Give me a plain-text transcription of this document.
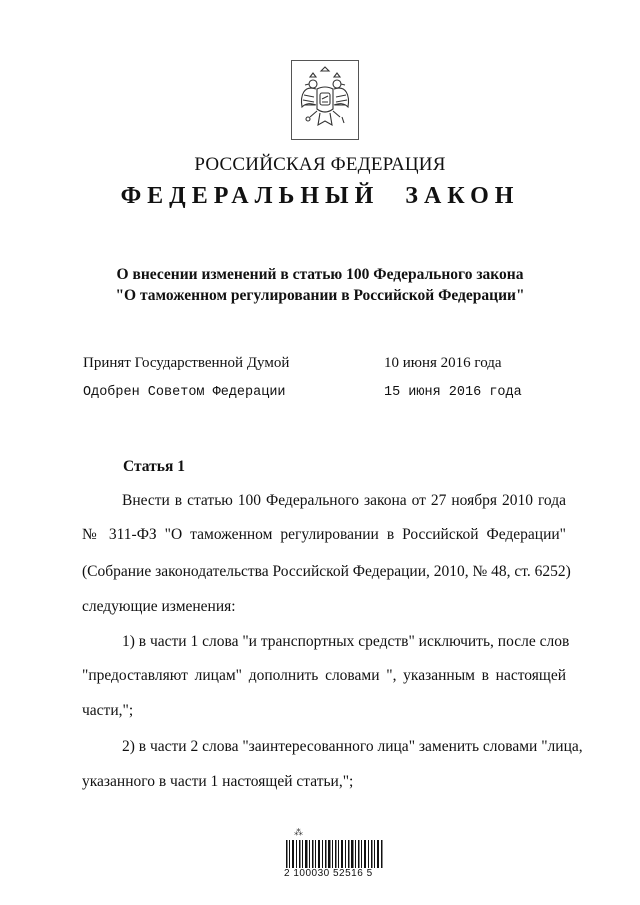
РОССИЙСКАЯ ФЕДЕРАЦИЯ
ФЕДЕРАЛЬНЫЙ ЗАКОН
О внесении изменений в статью 100 Федерального закона
"О таможенном регулировании в Российской Федерации"
Принят Государственной Думой	10 июня 2016 года
Одобрен Советом Федерации	15 июня 2016 года
Статья 1
Внести в статью 100 Федерального закона от 27 ноября 2010 года
№ 311-ФЗ "О таможенном регулировании в Российской Федерации"
(Собрание законодательства Российской Федерации, 2010, № 48, ст. 6252)
следующие изменения:
1) в части 1 слова "и транспортных средств" исключить, после слов
"предоставляют лицам" дополнить словами ", указанным в настоящей
части,";
2) в части 2 слова "заинтересованного лица" заменить словами "лица,
указанного в части 1 настоящей статьи,";
⁂
2 100030 52516 5
